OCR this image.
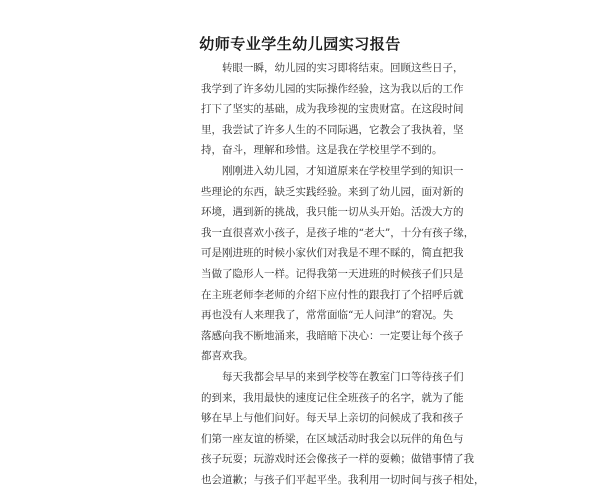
幼师专业学生幼儿园实习报告
转眼一瞬，幼儿园的实习即将结束。回顾这些日子，
我学到了许多幼儿园的实际操作经验，这为我以后的工作
打下了坚实的基础，成为我珍视的宝贵财富。在这段时间
里，我尝试了许多人生的不同际遇，它教会了我执着，坚
持，奋斗，理解和珍惜。这是我在学校里学不到的。
刚刚进入幼儿园，才知道原来在学校里学到的知识一
些理论的东西，缺乏实践经验。来到了幼儿园，面对新的
环境，遇到新的挑战，我只能一切从头开始。活泼大方的
我一直很喜欢小孩子，是孩子堆的“老大”，十分有孩子缘，
可是刚进班的时候小家伙们对我是不理不睬的，简直把我
当做了隐形人一样。记得我第一天进班的时候孩子们只是
在主班老师李老师的介绍下应付性的跟我打了个招呼后就
再也没有人来理我了，常常面临“无人问津”的窘况。失
落感向我不断地涌来，我暗暗下决心：一定要让每个孩子
都喜欢我。
每天我都会早早的来到学校等在教室门口等待孩子们
的到来，我用最快的速度记住全班孩子的名字，就为了能
够在早上与他们问好。每天早上亲切的问候成了我和孩子
们第一座友谊的桥梁，在区域活动时我会以玩伴的角色与
孩子玩耍；玩游戏时还会像孩子一样的耍赖；做错事情了我
也会道歉；与孩子们平起平坐。我利用一切时间与孩子相处，
